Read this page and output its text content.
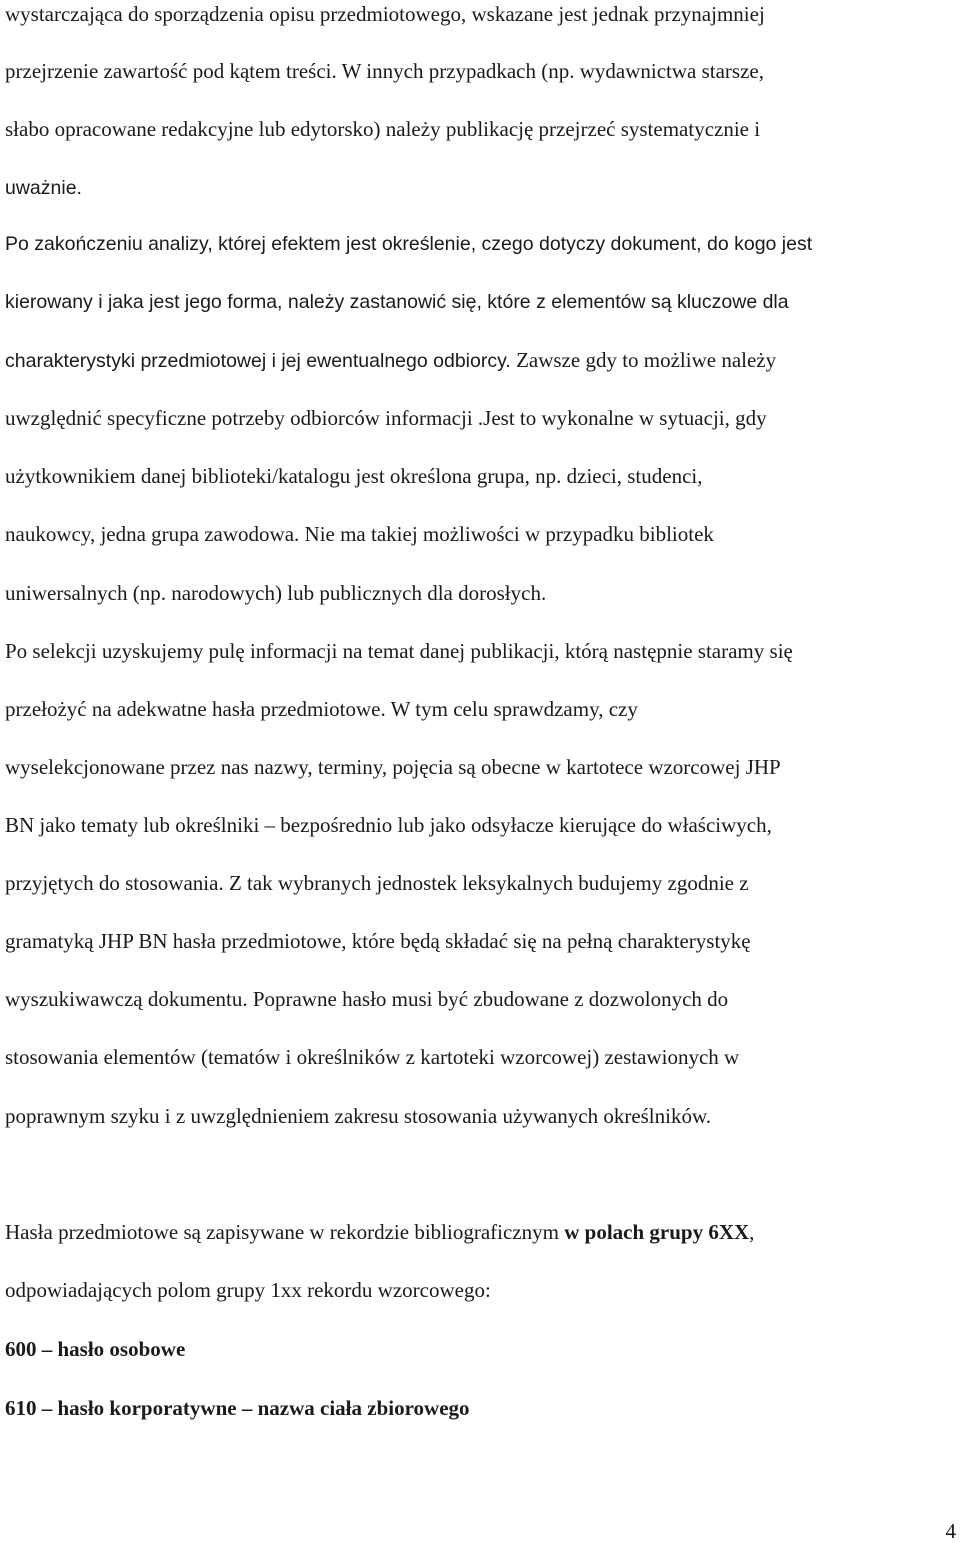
wystarczająca do sporządzenia opisu przedmiotowego, wskazane jest jednak przynajmniej
przejrzenie zawartość pod kątem treści. W innych przypadkach (np. wydawnictwa starsze,
słabo opracowane redakcyjne lub edytorsko) należy publikację przejrzeć systematycznie i
uważnie.
Po zakończeniu analizy, której efektem jest określenie, czego dotyczy dokument, do kogo jest
kierowany i jaka jest jego forma, należy zastanowić się, które z elementów są kluczowe dla
charakterystyki przedmiotowej i jej ewentualnego odbiorcy. Zawsze gdy to możliwe należy
uwzględnić specyficzne potrzeby odbiorców informacji .Jest to wykonalne w sytuacji, gdy
użytkownikiem danej biblioteki/katalogu jest określona grupa, np. dzieci, studenci,
naukowcy, jedna grupa zawodowa. Nie ma takiej możliwości w przypadku bibliotek
uniwersalnych (np. narodowych) lub publicznych dla dorosłych.
Po selekcji uzyskujemy pulę informacji na temat danej publikacji, którą następnie staramy się
przełożyć na adekwatne hasła przedmiotowe. W tym celu sprawdzamy, czy
wyselekcjonowane przez nas nazwy, terminy, pojęcia są obecne w kartotece wzorcowej JHP
BN jako tematy lub określniki – bezpośrednio lub jako odsyłacze kierujące do właściwych,
przyjętych do stosowania. Z tak wybranych jednostek leksykalnych budujemy zgodnie z
gramatyką JHP BN hasła przedmiotowe, które będą składać się na pełną charakterystykę
wyszukiwawczą dokumentu. Poprawne hasło musi być zbudowane z dozwolonych do
stosowania elementów (tematów i określników z kartoteki wzorcowej) zestawionych w
poprawnym szyku i z uwzględnieniem zakresu stosowania używanych określników.
Hasła przedmiotowe są zapisywane w rekordzie bibliograficznym w polach grupy 6XX,
odpowiadających polom grupy 1xx rekordu wzorcowego:
600 – hasło osobowe
610 – hasło korporatywne – nazwa ciała zbiorowego
4
